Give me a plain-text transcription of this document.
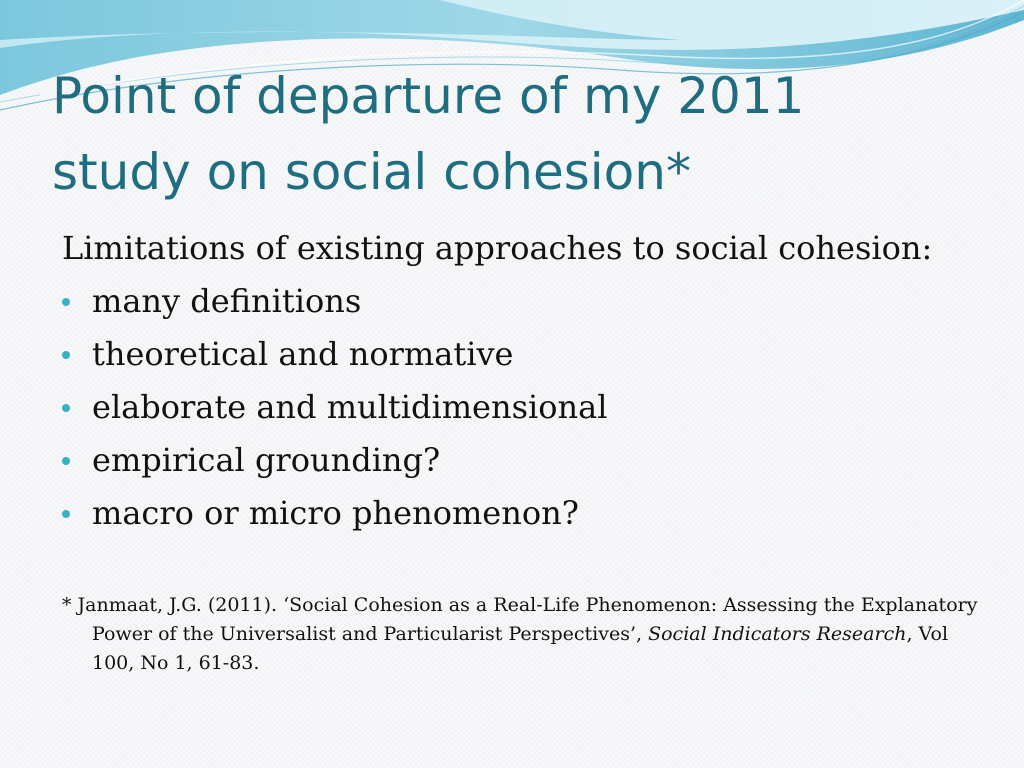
Point of departure of my 2011
study on social cohesion*
Limitations of existing approaches to social cohesion:
many definitions
theoretical and normative
elaborate and multidimensional
empirical grounding?
macro or micro phenomenon?
* Janmaat, J.G. (2011). ‘Social Cohesion as a Real-Life Phenomenon: Assessing the Explanatory Power of the Universalist and Particularist Perspectives’, Social Indicators Research, Vol 100, No 1, 61-83.
